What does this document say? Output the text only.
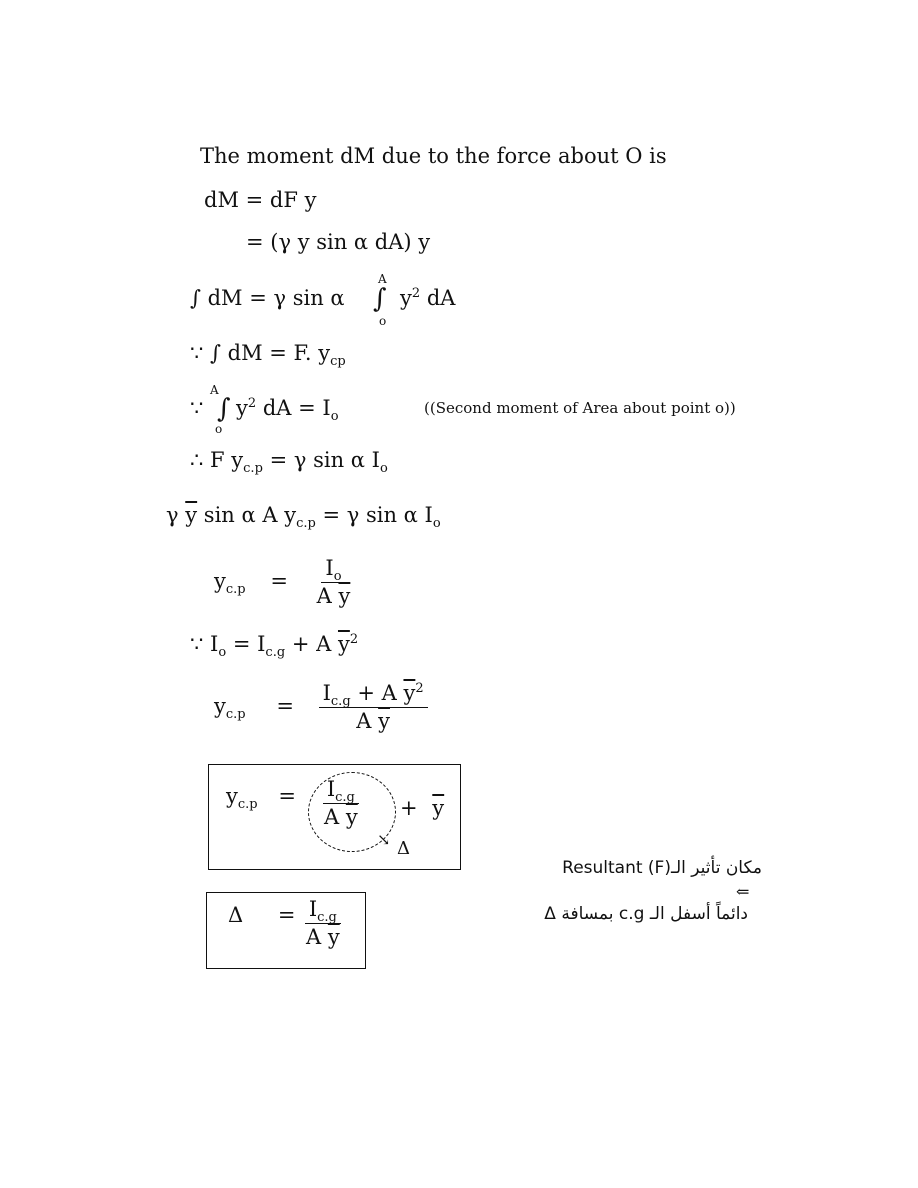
The moment dM due to the force about O is
dM = dF y
= (γ y sin α dA) y
∫ dM = γ sin α
A
∫
o
$y^2$ dA
∵ ∫ dM = F. $y_{cp}$
∵
A
∫
o
$y^2$ dA = $I_o$	((Second moment of Area about point o))
∴ F $y_{c.p} = \gamma$ sin α $I_o$
γ $\overline{y}$ sin α A $y_{c.p} = \gamma$ sin α $I_o$
$y_{c.p} = \frac{I_o}{A \overline{y}}$
∵ $I_o = I_{c.g} + A$ $\overline{y}^2$
$y_{c.p} = \frac{I_{c.g} + A \overline{y}^2}{A \overline{y}}$
$y_{c.p} = \frac{I_{c.g}}{A \overline{y}} + \overline{y}$
↘ Δ
$\Delta = \frac{I_{c.g}}{A \overline{y}}$
مكان تأثير الـResultant (F)
⇐
دائماً أسفل الـ c.g بمسافة Δ
